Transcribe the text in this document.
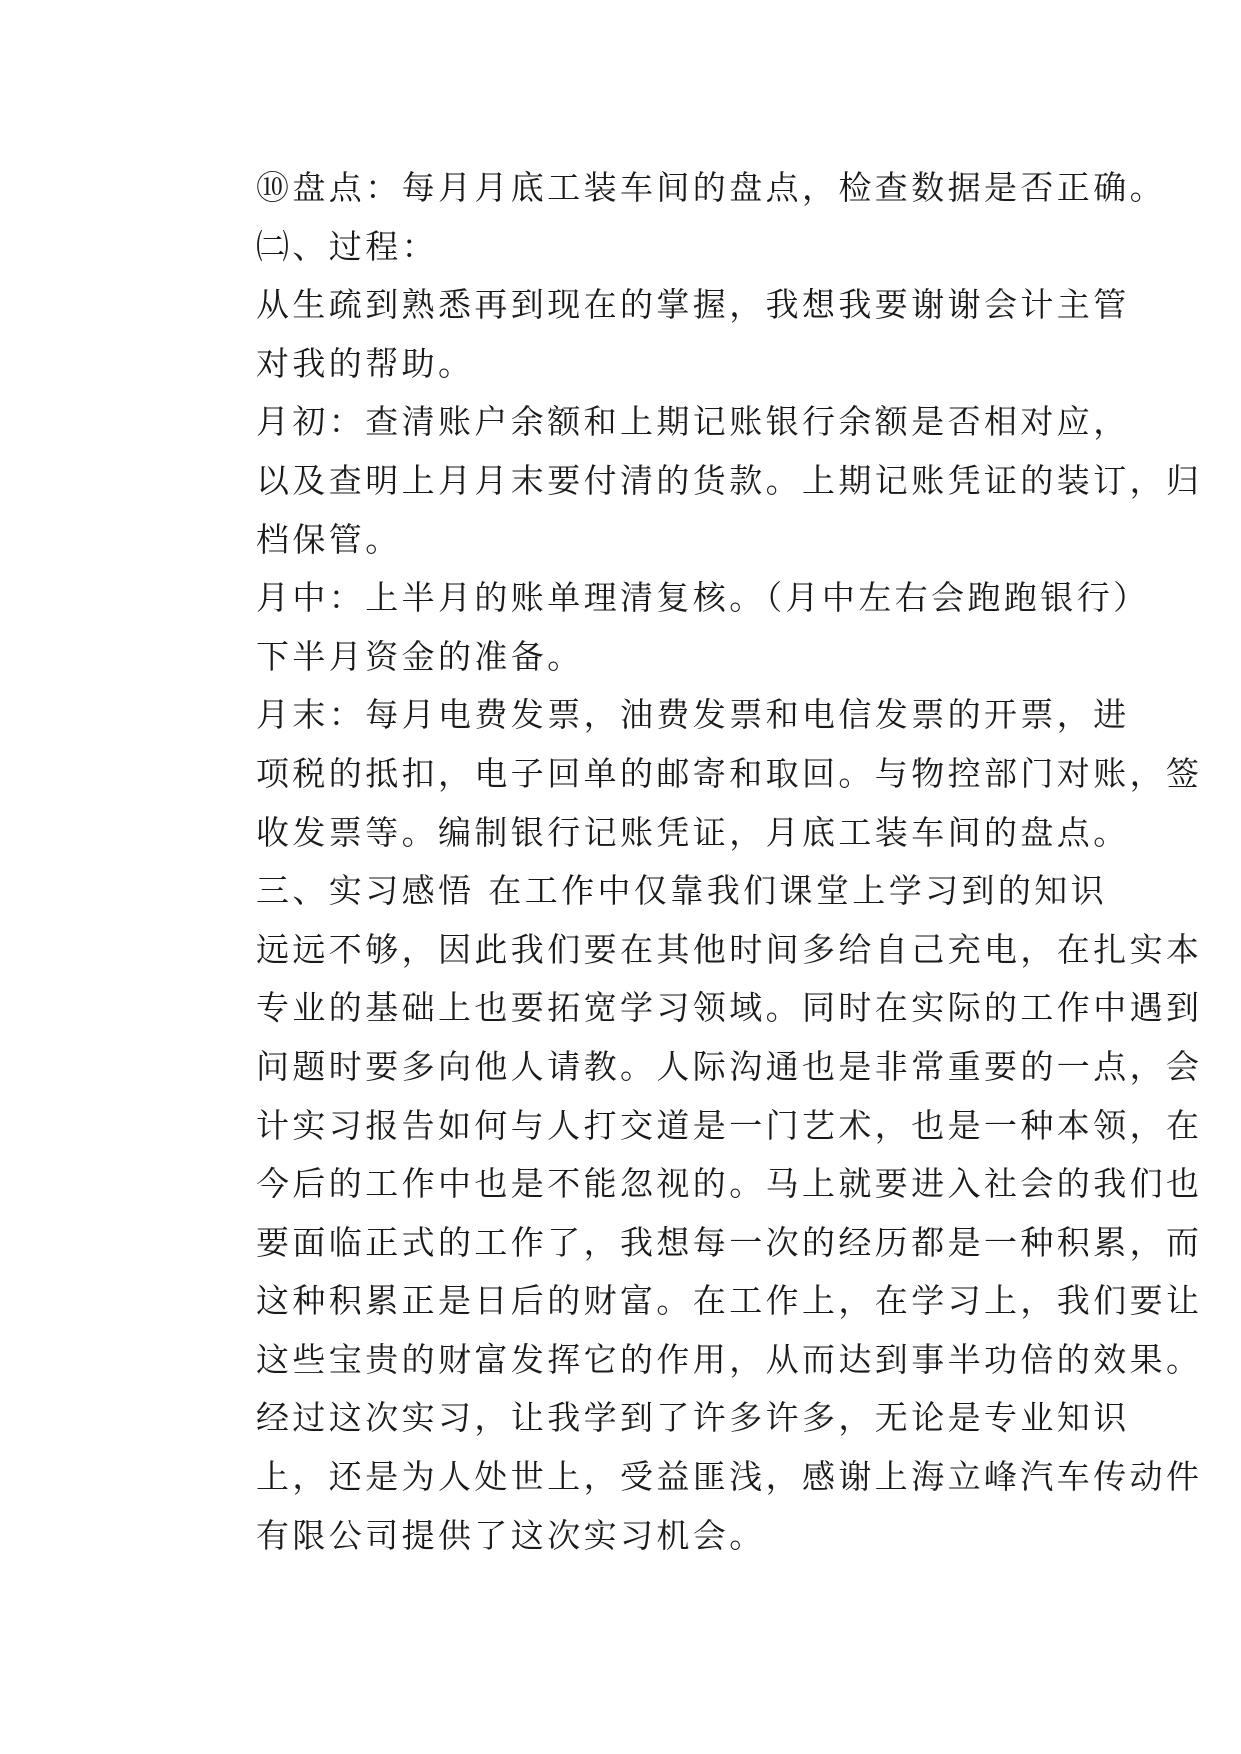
⑩盘点：每月月底工装车间的盘点，检查数据是否正确。

㈡、过程：

从生疏到熟悉再到现在的掌握，我想我要谢谢会计主管
对我的帮助。

月初：查清账户余额和上期记账银行余额是否相对应，
以及查明上月月末要付清的货款。上期记账凭证的装订，归
档保管。

月中：上半月的账单理清复核。（月中左右会跑跑银行）
下半月资金的准备。

月末：每月电费发票，油费发票和电信发票的开票，进
项税的抵扣，电子回单的邮寄和取回。与物控部门对账，签
收发票等。编制银行记账凭证，月底工装车间的盘点。

三、实习感悟 在工作中仅靠我们课堂上学习到的知识
远远不够，因此我们要在其他时间多给自己充电，在扎实本
专业的基础上也要拓宽学习领域。同时在实际的工作中遇到
问题时要多向他人请教。人际沟通也是非常重要的一点，会
计实习报告如何与人打交道是一门艺术，也是一种本领，在
今后的工作中也是不能忽视的。马上就要进入社会的我们也
要面临正式的工作了，我想每一次的经历都是一种积累，而
这种积累正是日后的财富。在工作上，在学习上，我们要让
这些宝贵的财富发挥它的作用，从而达到事半功倍的效果。

经过这次实习，让我学到了许多许多，无论是专业知识
上，还是为人处世上，受益匪浅，感谢上海立峰汽车传动件
有限公司提供了这次实习机会。
